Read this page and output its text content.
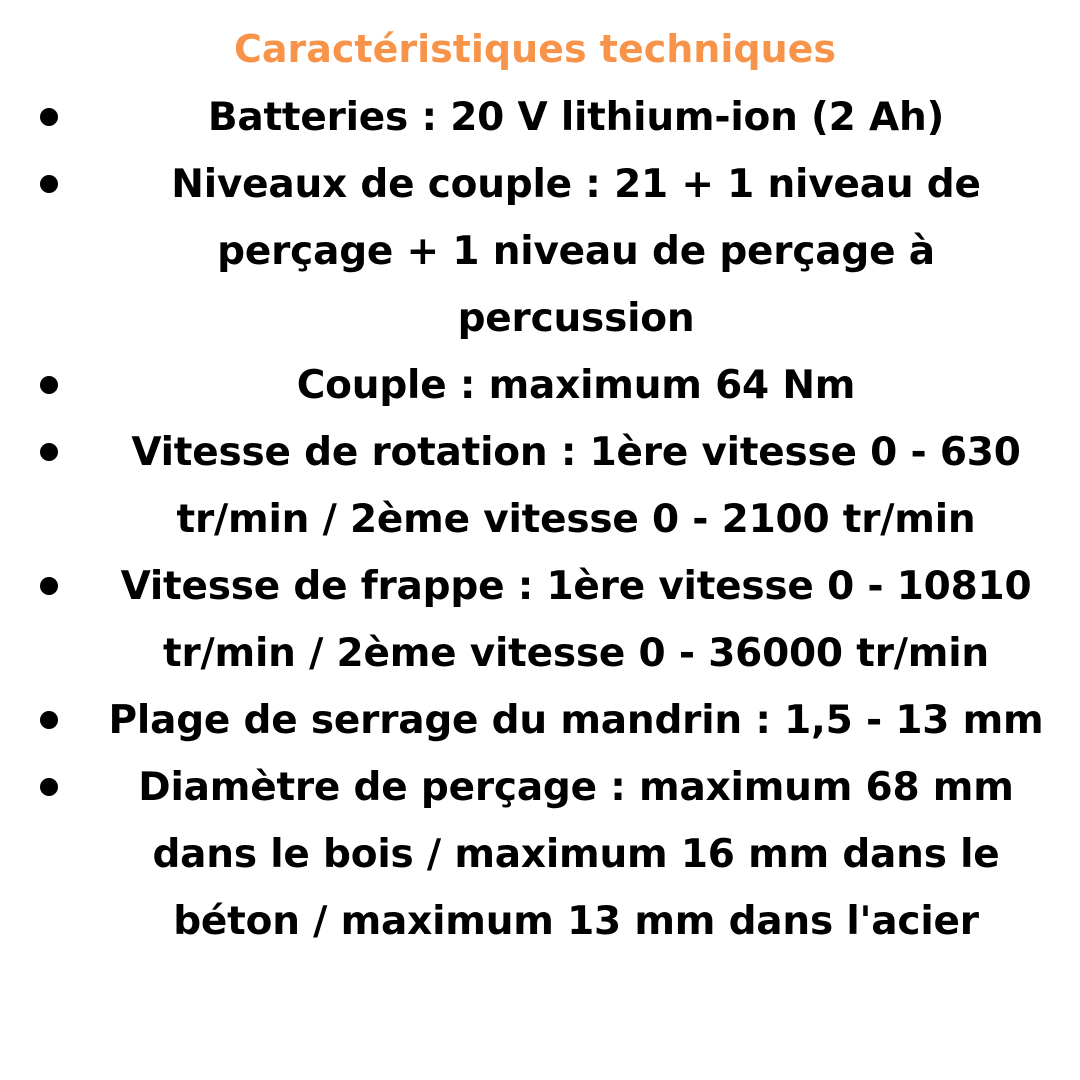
Caractéristiques techniques
Batteries : 20 V lithium-ion (2 Ah)
Niveaux de couple : 21 + 1 niveau de perçage + 1 niveau de perçage à percussion
Couple : maximum 64 Nm
Vitesse de rotation : 1ère vitesse 0 - 630 tr/min / 2ème vitesse 0 - 2100 tr/min
Vitesse de frappe : 1ère vitesse 0 - 10810 tr/min / 2ème vitesse 0 - 36000 tr/min
Plage de serrage du mandrin : 1,5 - 13 mm
Diamètre de perçage : maximum 68 mm dans le bois / maximum 16 mm dans le béton / maximum 13 mm dans l'acier
